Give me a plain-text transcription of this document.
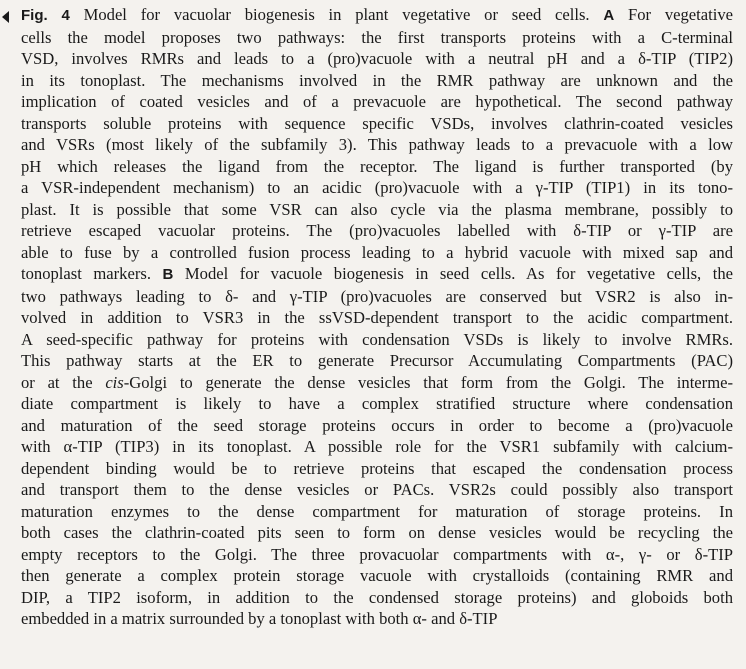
Fig. 4 Model for vacuolar biogenesis in plant vegetative or seed cells. A For vegetative
cells the model proposes two pathways: the first transports proteins with a C-terminal
VSD, involves RMRs and leads to a (pro)vacuole with a neutral pH and a δ-TIP (TIP2)
in its tonoplast. The mechanisms involved in the RMR pathway are unknown and the
implication of coated vesicles and of a prevacuole are hypothetical. The second pathway
transports soluble proteins with sequence specific VSDs, involves clathrin-coated vesicles
and VSRs (most likely of the subfamily 3). This pathway leads to a prevacuole with a low
pH which releases the ligand from the receptor. The ligand is further transported (by
a VSR-independent mechanism) to an acidic (pro)vacuole with a γ-TIP (TIP1) in its tono-
plast. It is possible that some VSR can also cycle via the plasma membrane, possibly to
retrieve escaped vacuolar proteins. The (pro)vacuoles labelled with δ-TIP or γ-TIP are
able to fuse by a controlled fusion process leading to a hybrid vacuole with mixed sap and
tonoplast markers. B Model for vacuole biogenesis in seed cells. As for vegetative cells, the
two pathways leading to δ- and γ-TIP (pro)vacuoles are conserved but VSR2 is also in-
volved in addition to VSR3 in the ssVSD-dependent transport to the acidic compartment.
A seed-specific pathway for proteins with condensation VSDs is likely to involve RMRs.
This pathway starts at the ER to generate Precursor Accumulating Compartments (PAC)
or at the cis-Golgi to generate the dense vesicles that form from the Golgi. The interme-
diate compartment is likely to have a complex stratified structure where condensation
and maturation of the seed storage proteins occurs in order to become a (pro)vacuole
with α-TIP (TIP3) in its tonoplast. A possible role for the VSR1 subfamily with calcium-
dependent binding would be to retrieve proteins that escaped the condensation process
and transport them to the dense vesicles or PACs. VSR2s could possibly also transport
maturation enzymes to the dense compartment for maturation of storage proteins. In
both cases the clathrin-coated pits seen to form on dense vesicles would be recycling the
empty receptors to the Golgi. The three provacuolar compartments with α-, γ- or δ-TIP
then generate a complex protein storage vacuole with crystalloids (containing RMR and
DIP, a TIP2 isoform, in addition to the condensed storage proteins) and globoids both
embedded in a matrix surrounded by a tonoplast with both α- and δ-TIP
